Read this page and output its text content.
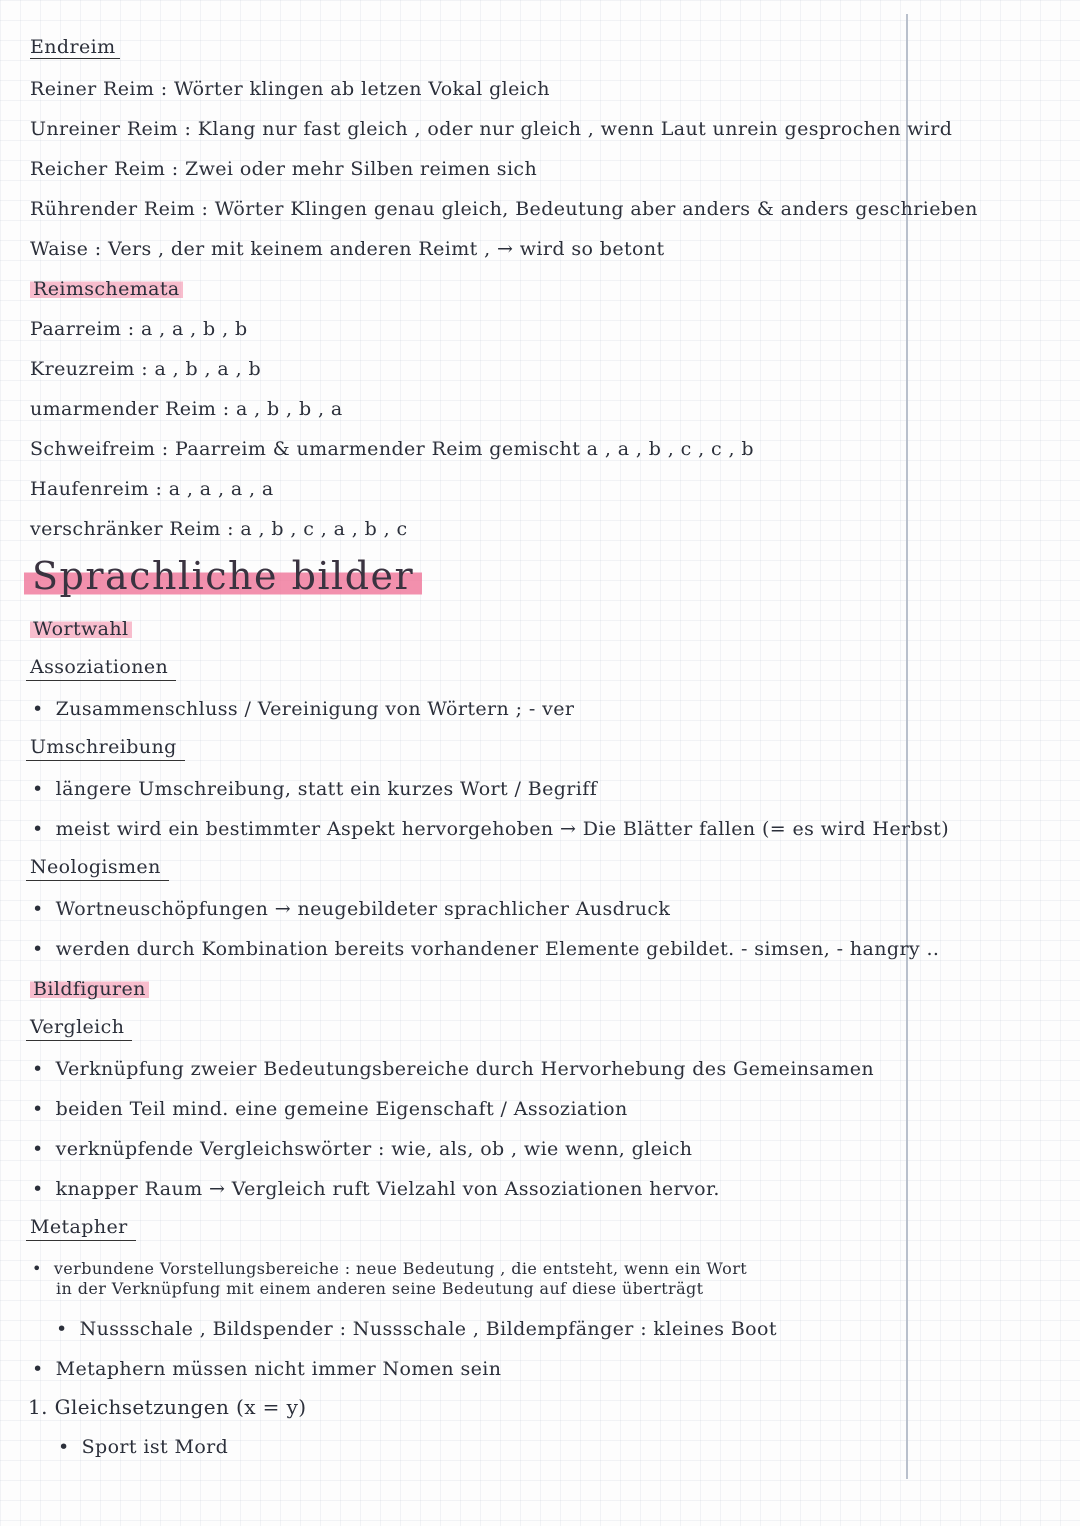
Endreim
Reiner Reim : Wörter klingen ab letzen Vokal gleich
Unreiner Reim : Klang nur fast gleich , oder nur gleich , wenn Laut unrein gesprochen wird
Reicher Reim : Zwei oder mehr Silben reimen sich
Rührender Reim : Wörter Klingen genau gleich, Bedeutung aber anders & anders geschrieben
Waise : Vers , der mit keinem anderen Reimt , → wird so betont
Reimschemata
Paarreim : a , a , b , b
Kreuzreim : a , b , a , b
umarmender Reim : a , b , b , a
Schweifreim : Paarreim & umarmender Reim gemischt a , a , b , c , c , b
Haufenreim : a , a , a , a
verschränker Reim : a , b , c , a , b , c
Sprachliche bilder
Wortwahl
Assoziationen
• Zusammenschluss / Vereinigung von Wörtern ; - ver
Umschreibung
• längere Umschreibung, statt ein kurzes Wort / Begriff
• meist wird ein bestimmter Aspekt hervorgehoben → Die Blätter fallen (= es wird Herbst)
Neologismen
• Wortneuschöpfungen → neugebildeter sprachlicher Ausdruck
• werden durch Kombination bereits vorhandener Elemente gebildet. - simsen, - hangry ..
Bildfiguren
Vergleich
• Verknüpfung zweier Bedeutungsbereiche durch Hervorhebung des Gemeinsamen
• beiden Teil mind. eine gemeine Eigenschaft / Assoziation
• verknüpfende Vergleichswörter : wie, als, ob , wie wenn, gleich
• knapper Raum → Vergleich ruft Vielzahl von Assoziationen hervor.
Metapher
• verbundene Vorstellungsbereiche : neue Bedeutung , die entsteht, wenn ein Wort
in der Verknüpfung mit einem anderen seine Bedeutung auf diese überträgt
• Nussschale , Bildspender : Nussschale , Bildempfänger : kleines Boot
• Metaphern müssen nicht immer Nomen sein
1. Gleichsetzungen (x = y)
• Sport ist Mord
